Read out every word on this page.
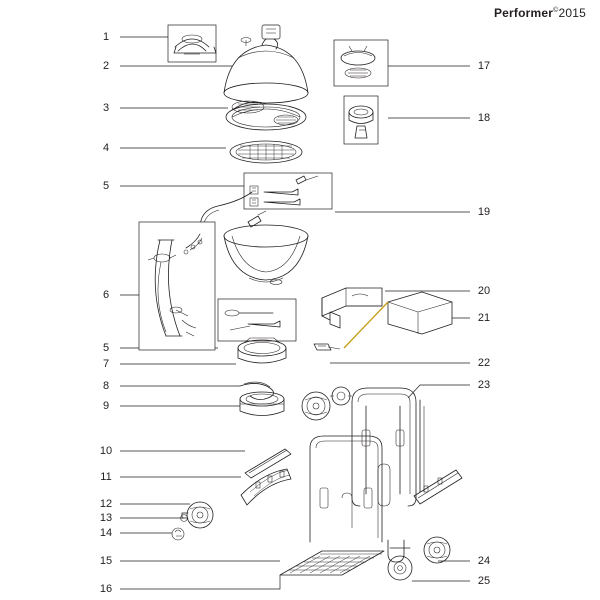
Performer©2015
1
2
3
4
5
6
5
7
8
9
10
11
12
13
14
15
16
17
18
19
20
21
22
23
24
25
